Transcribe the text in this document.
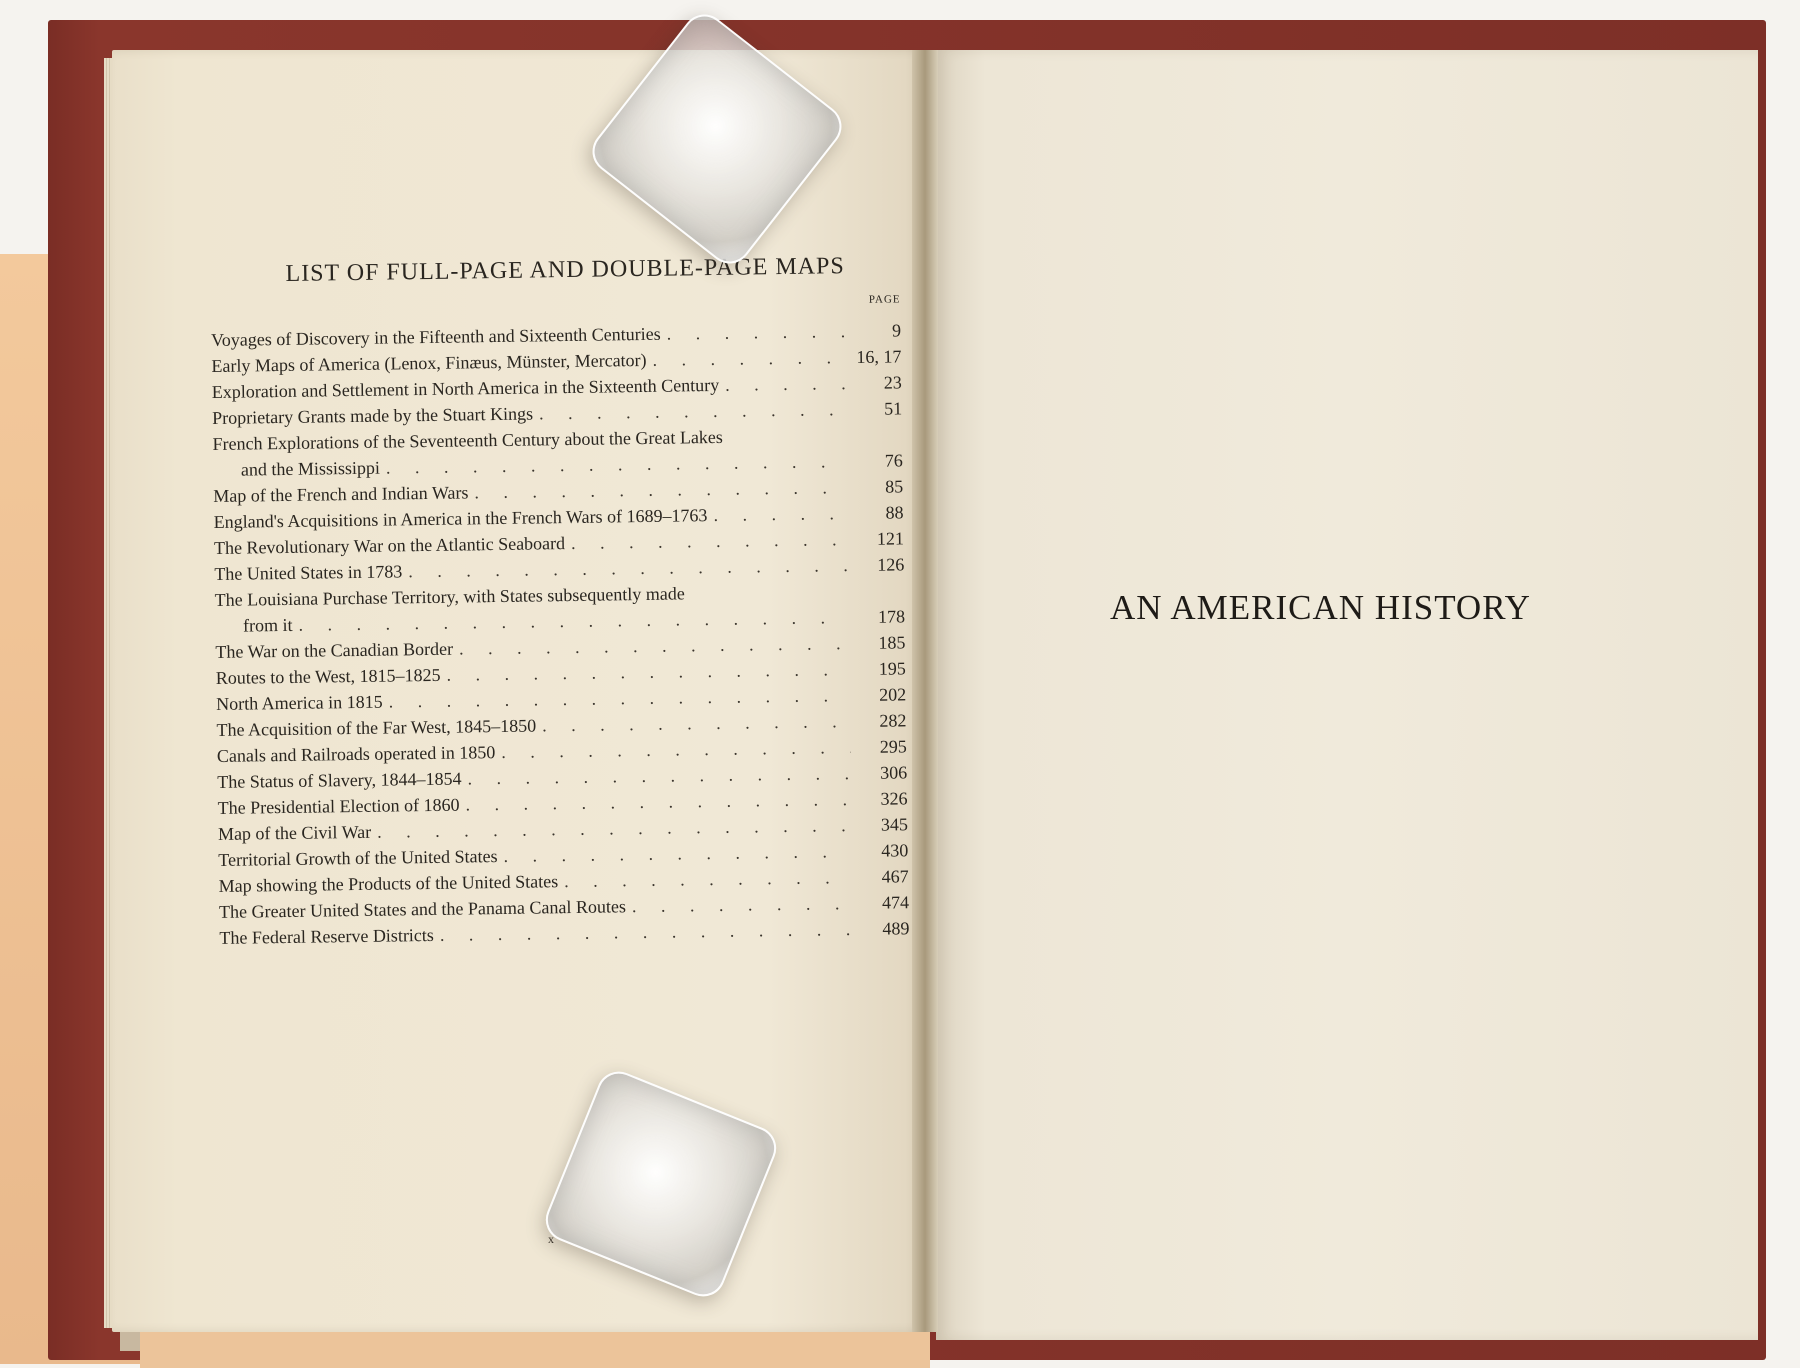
LIST OF FULL-PAGE AND DOUBLE-PAGE MAPS
PAGE
Voyages of Discovery in the Fifteenth and Sixteenth Centuries . . .	9
Early Maps of America (Lenox, Finæus, Münster, Mercator) . . .	16, 17
Exploration and Settlement in North America in the Sixteenth Century . . .	23
Proprietary Grants made by the Stuart Kings . . .	51
French Explorations of the Seventeenth Century about the Great Lakes
and the Mississippi . . .	76
Map of the French and Indian Wars . . .	85
England's Acquisitions in America in the French Wars of 1689–1763 . . .	88
The Revolutionary War on the Atlantic Seaboard . . .	121
The United States in 1783 . . .	126
The Louisiana Purchase Territory, with States subsequently made
from it . . .	178
The War on the Canadian Border . . .	185
Routes to the West, 1815–1825 . . .	195
North America in 1815 . . .	202
The Acquisition of the Far West, 1845–1850 . . .	282
Canals and Railroads operated in 1850 . . .	295
The Status of Slavery, 1844–1854 . . .	306
The Presidential Election of 1860 . . .	326
Map of the Civil War . . .	345
Territorial Growth of the United States . . .	430
Map showing the Products of the United States . . .	467
The Greater United States and the Panama Canal Routes . . .	474
The Federal Reserve Districts . . .	489
x
AN AMERICAN HISTORY
